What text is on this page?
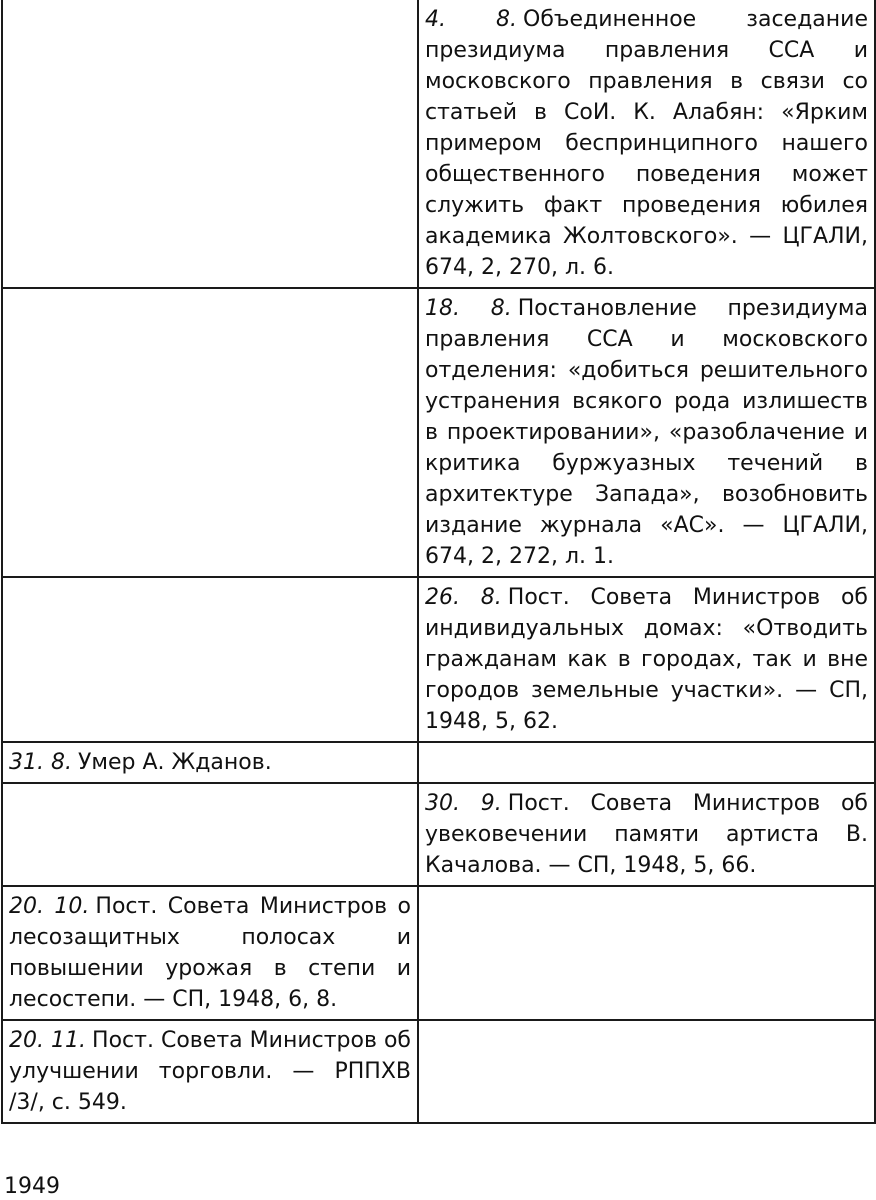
	4. 8. Объединенное заседание президиума правления ССА и московского правления в связи со статьей в СоИ. К. Алабян: «Ярким примером беспринципного нашего общественного поведения может служить факт проведения юбилея академика Жолтовского». — ЦГАЛИ, 674, 2, 270, л. 6.
	18. 8. Постановление президиума правления ССА и московского отделения: «добиться решительного устранения всякого рода излишеств в проектировании», «разоблачение и критика буржуазных течений в архитектуре Запада», возобновить издание журнала «АС». — ЦГАЛИ, 674, 2, 272, л. 1.
	26. 8. Пост. Совета Министров об индивидуальных домах: «Отводить гражданам как в городах, так и вне городов земельные участки». — СП, 1948, 5, 62.
31. 8. Умер А. Жданов.	
	30. 9. Пост. Совета Министров об увековечении памяти артиста В. Качалова. — СП, 1948, 5, 66.
20. 10. Пост. Совета Министров о лесозащитных полосах и повышении урожая в степи и лесостепи. — СП, 1948, 6, 8.	
20. 11. Пост. Совета Министров об улучшении торговли. — РППХВ /3/, с. 549.	
1949
